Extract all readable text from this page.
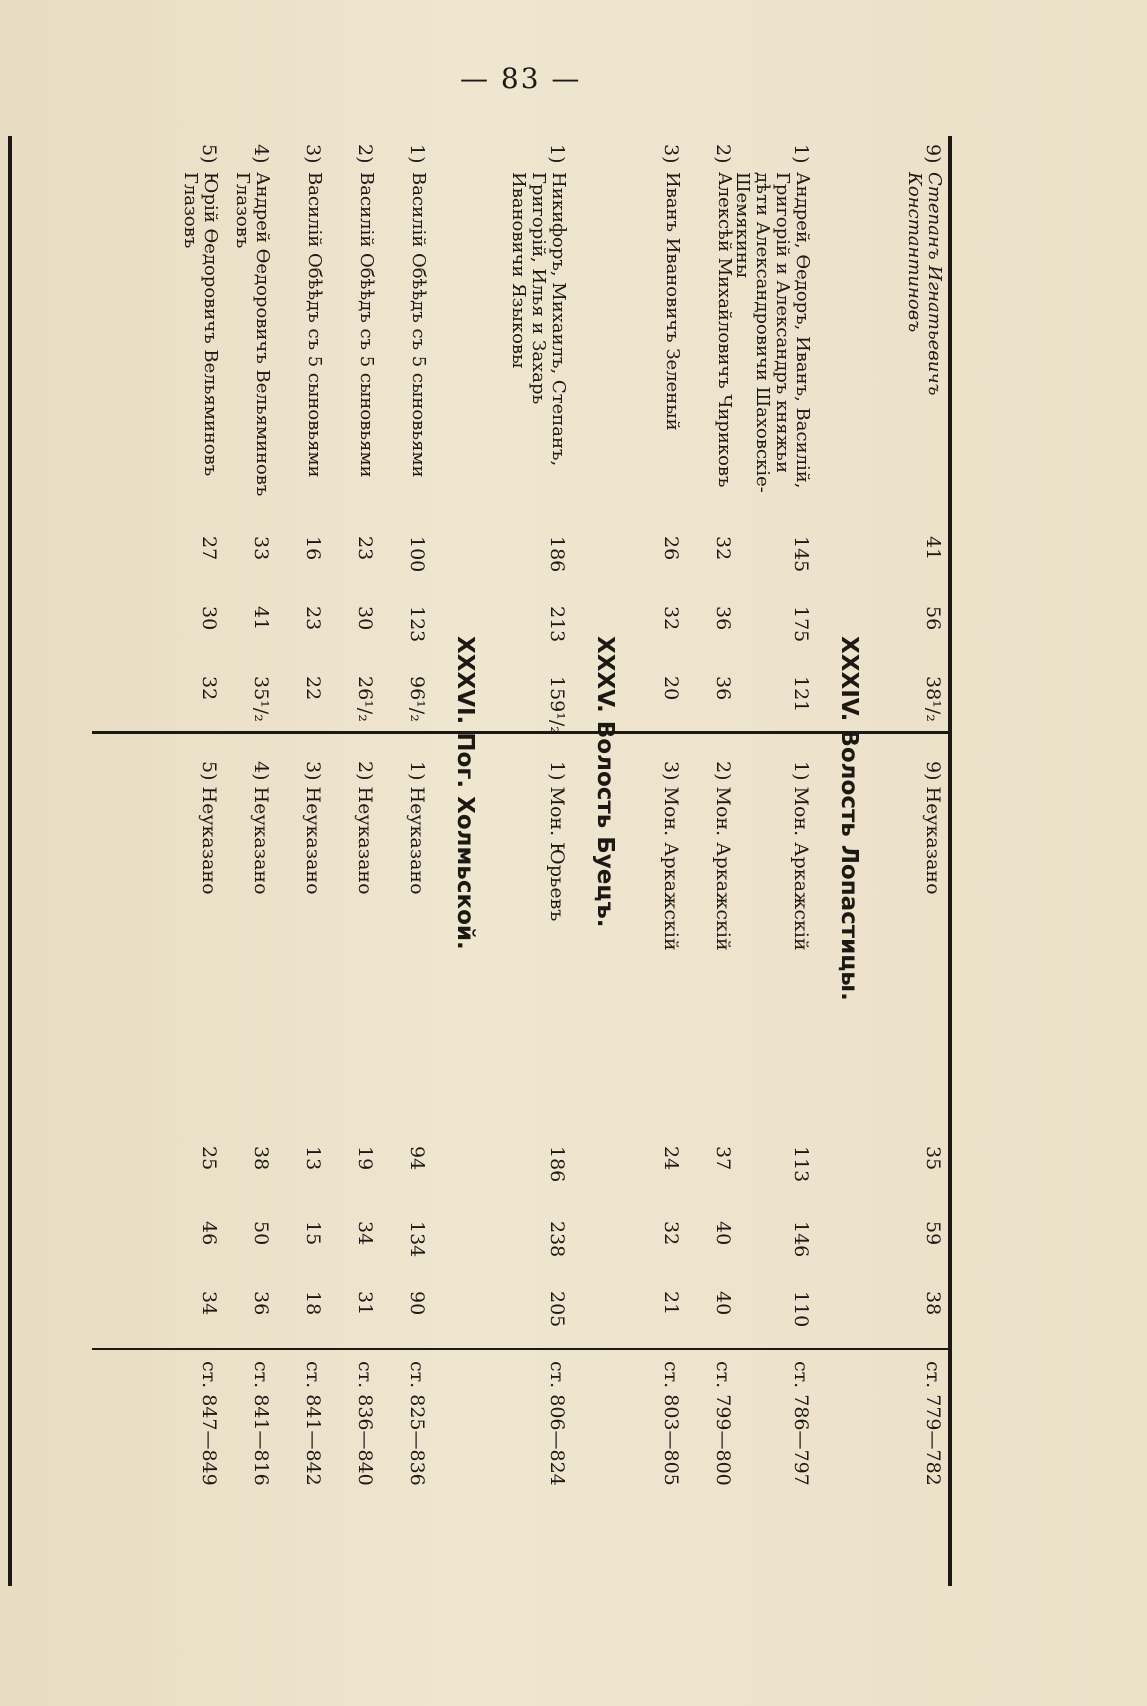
— 83 —
9)
Степанъ Игнатьевичъ Константиновъ
41
56
38¹/₂
9) Неуказано
35
59
38
ст. 779—782
XXXIV. Волость Лопастицы.
1)
Андрей, Өедоръ, Иванъ, Василій, Григорій и Александръ княжьи дѣти Александровичи Шаховскіе-Шемякины
145
175
121
1) Мон. Аркажскій
113
146
110
ст. 786—797
2)
Алексѣй Михайловичъ Чириковъ
32
36
36
2) Мон. Аркажскій
37
40
40
ст. 799—800
3)
Иванъ Ивановичъ Зеленый
26
32
20
3) Мон. Аркажскій
24
32
21
ст. 803—805
XXXV. Волость Буецъ.
1)
Никифоръ, Михаилъ, Степанъ, Григорій, Илья и Захарь Ивановичи Языковы
186
213
159¹/₂
1) Мон. Юрьевъ
186
238
205
ст. 806—824
XXXVI. Пог. Холмьской.
1)
Василій Обѣѣдъ съ 5 сыновьями
100
123
96¹/₂
1) Неуказано
94
134
90
ст. 825—836
2)
Василій Обѣѣдъ съ 5 сыновьями
23
30
26¹/₂
2) Неуказано
19
34
31
ст. 836—840
3)
Василій Обѣѣдъ съ 5 сыновьями
16
23
22
3) Неуказано
13
15
18
ст. 841—842
4)
Андрей Өедоровичъ Вельяминовъ Глазовъ
33
41
35¹/₂
4) Неуказано
38
50
36
ст. 841—816
5)
Юрій Өедоровичъ Вельяминовъ Глазовъ
27
30
32
5) Неуказано
25
46
34
ст. 847—849
